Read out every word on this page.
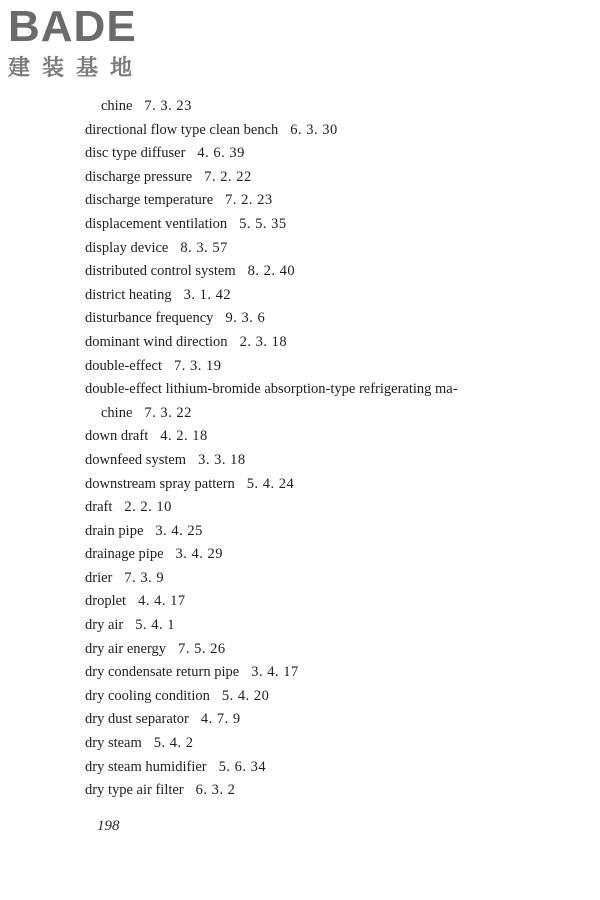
BADE
建装基地
chine 7. 3. 23
directional flow type clean bench 6. 3. 30
disc type diffuser 4. 6. 39
discharge pressure 7. 2. 22
discharge temperature 7. 2. 23
displacement ventilation 5. 5. 35
display device 8. 3. 57
distributed control system 8. 2. 40
district heating 3. 1. 42
disturbance frequency 9. 3. 6
dominant wind direction 2. 3. 18
double-effect 7. 3. 19
double-effect lithium-bromide absorption-type refrigerating ma-
chine 7. 3. 22
down draft 4. 2. 18
downfeed system 3. 3. 18
downstream spray pattern 5. 4. 24
draft 2. 2. 10
drain pipe 3. 4. 25
drainage pipe 3. 4. 29
drier 7. 3. 9
droplet 4. 4. 17
dry air 5. 4. 1
dry air energy 7. 5. 26
dry condensate return pipe 3. 4. 17
dry cooling condition 5. 4. 20
dry dust separator 4. 7. 9
dry steam 5. 4. 2
dry steam humidifier 5. 6. 34
dry type air filter 6. 3. 2
198
